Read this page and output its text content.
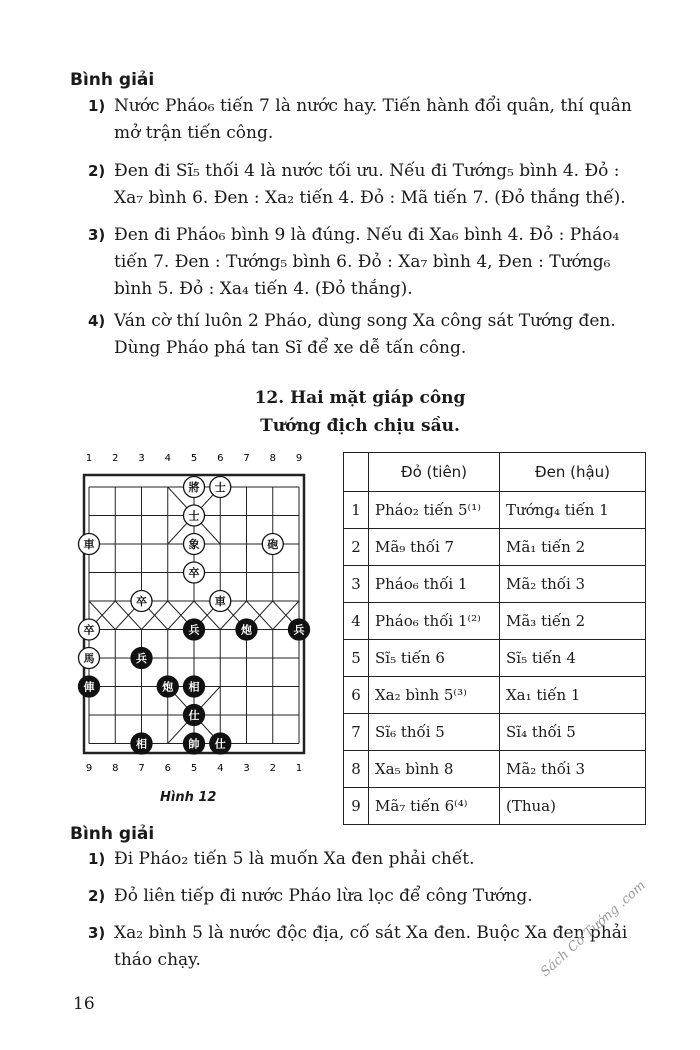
Bình giải
1) Nước Pháo₆ tiến 7 là nước hay. Tiến hành đổi quân, thí quân mở trận tiến công.
2) Đen đi Sĩ₅ thối 4 là nước tối ưu. Nếu đi Tướng₅ bình 4. Đỏ : Xa₇ bình 6. Đen : Xa₂ tiến 4. Đỏ : Mã tiến 7. (Đỏ thắng thế).
3) Đen đi Pháo₆ bình 9 là đúng. Nếu đi Xa₆ bình 4. Đỏ : Pháo₄ tiến 7. Đen : Tướng₅ bình 6. Đỏ : Xa₇ bình 4, Đen : Tướng₆ bình 5. Đỏ : Xa₄ tiến 4. (Đỏ thắng).
4) Ván cờ thí luôn 2 Pháo, dùng song Xa công sát Tướng đen. Dùng Pháo phá tan Sĩ để xe dễ tấn công.
12. Hai mặt giáp công
Tướng địch chịu sầu.
1 2 3 4 5 6 7 8 9
將 士
士
車	象	砲
卒
卒	車
卒
馬
兵	炮	兵
兵
俥	炮 相
仕
相	帥 仕
9 8 7 6 5 4 3 2 1
Hình 12
	Đỏ (tiên)	Đen (hậu)
1	Pháo₂ tiến 5⁽¹⁾	Tướng₄ tiến 1
2	Mã₉ thối 7	Mã₁ tiến 2
3	Pháo₆ thối 1	Mã₂ thối 3
4	Pháo₆ thối 1⁽²⁾	Mã₃ tiến 2
5	Sĩ₅ tiến 6	Sĩ₅ tiến 4
6	Xa₂ bình 5⁽³⁾	Xa₁ tiến 1
7	Sĩ₆ thối 5	Sĩ₄ thối 5
8	Xa₅ bình 8	Mã₂ thối 3
9	Mã₇ tiến 6⁽⁴⁾	(Thua)
Bình giải
1) Đi Pháo₂ tiến 5 là muốn Xa đen phải chết.
2) Đỏ liên tiếp đi nước Pháo lừa lọc để công Tướng.
3) Xa₂ bình 5 là nước độc địa, cố sát Xa đen. Buộc Xa đen phải tháo chạy.
16
Sách Cờ Tướng .com
